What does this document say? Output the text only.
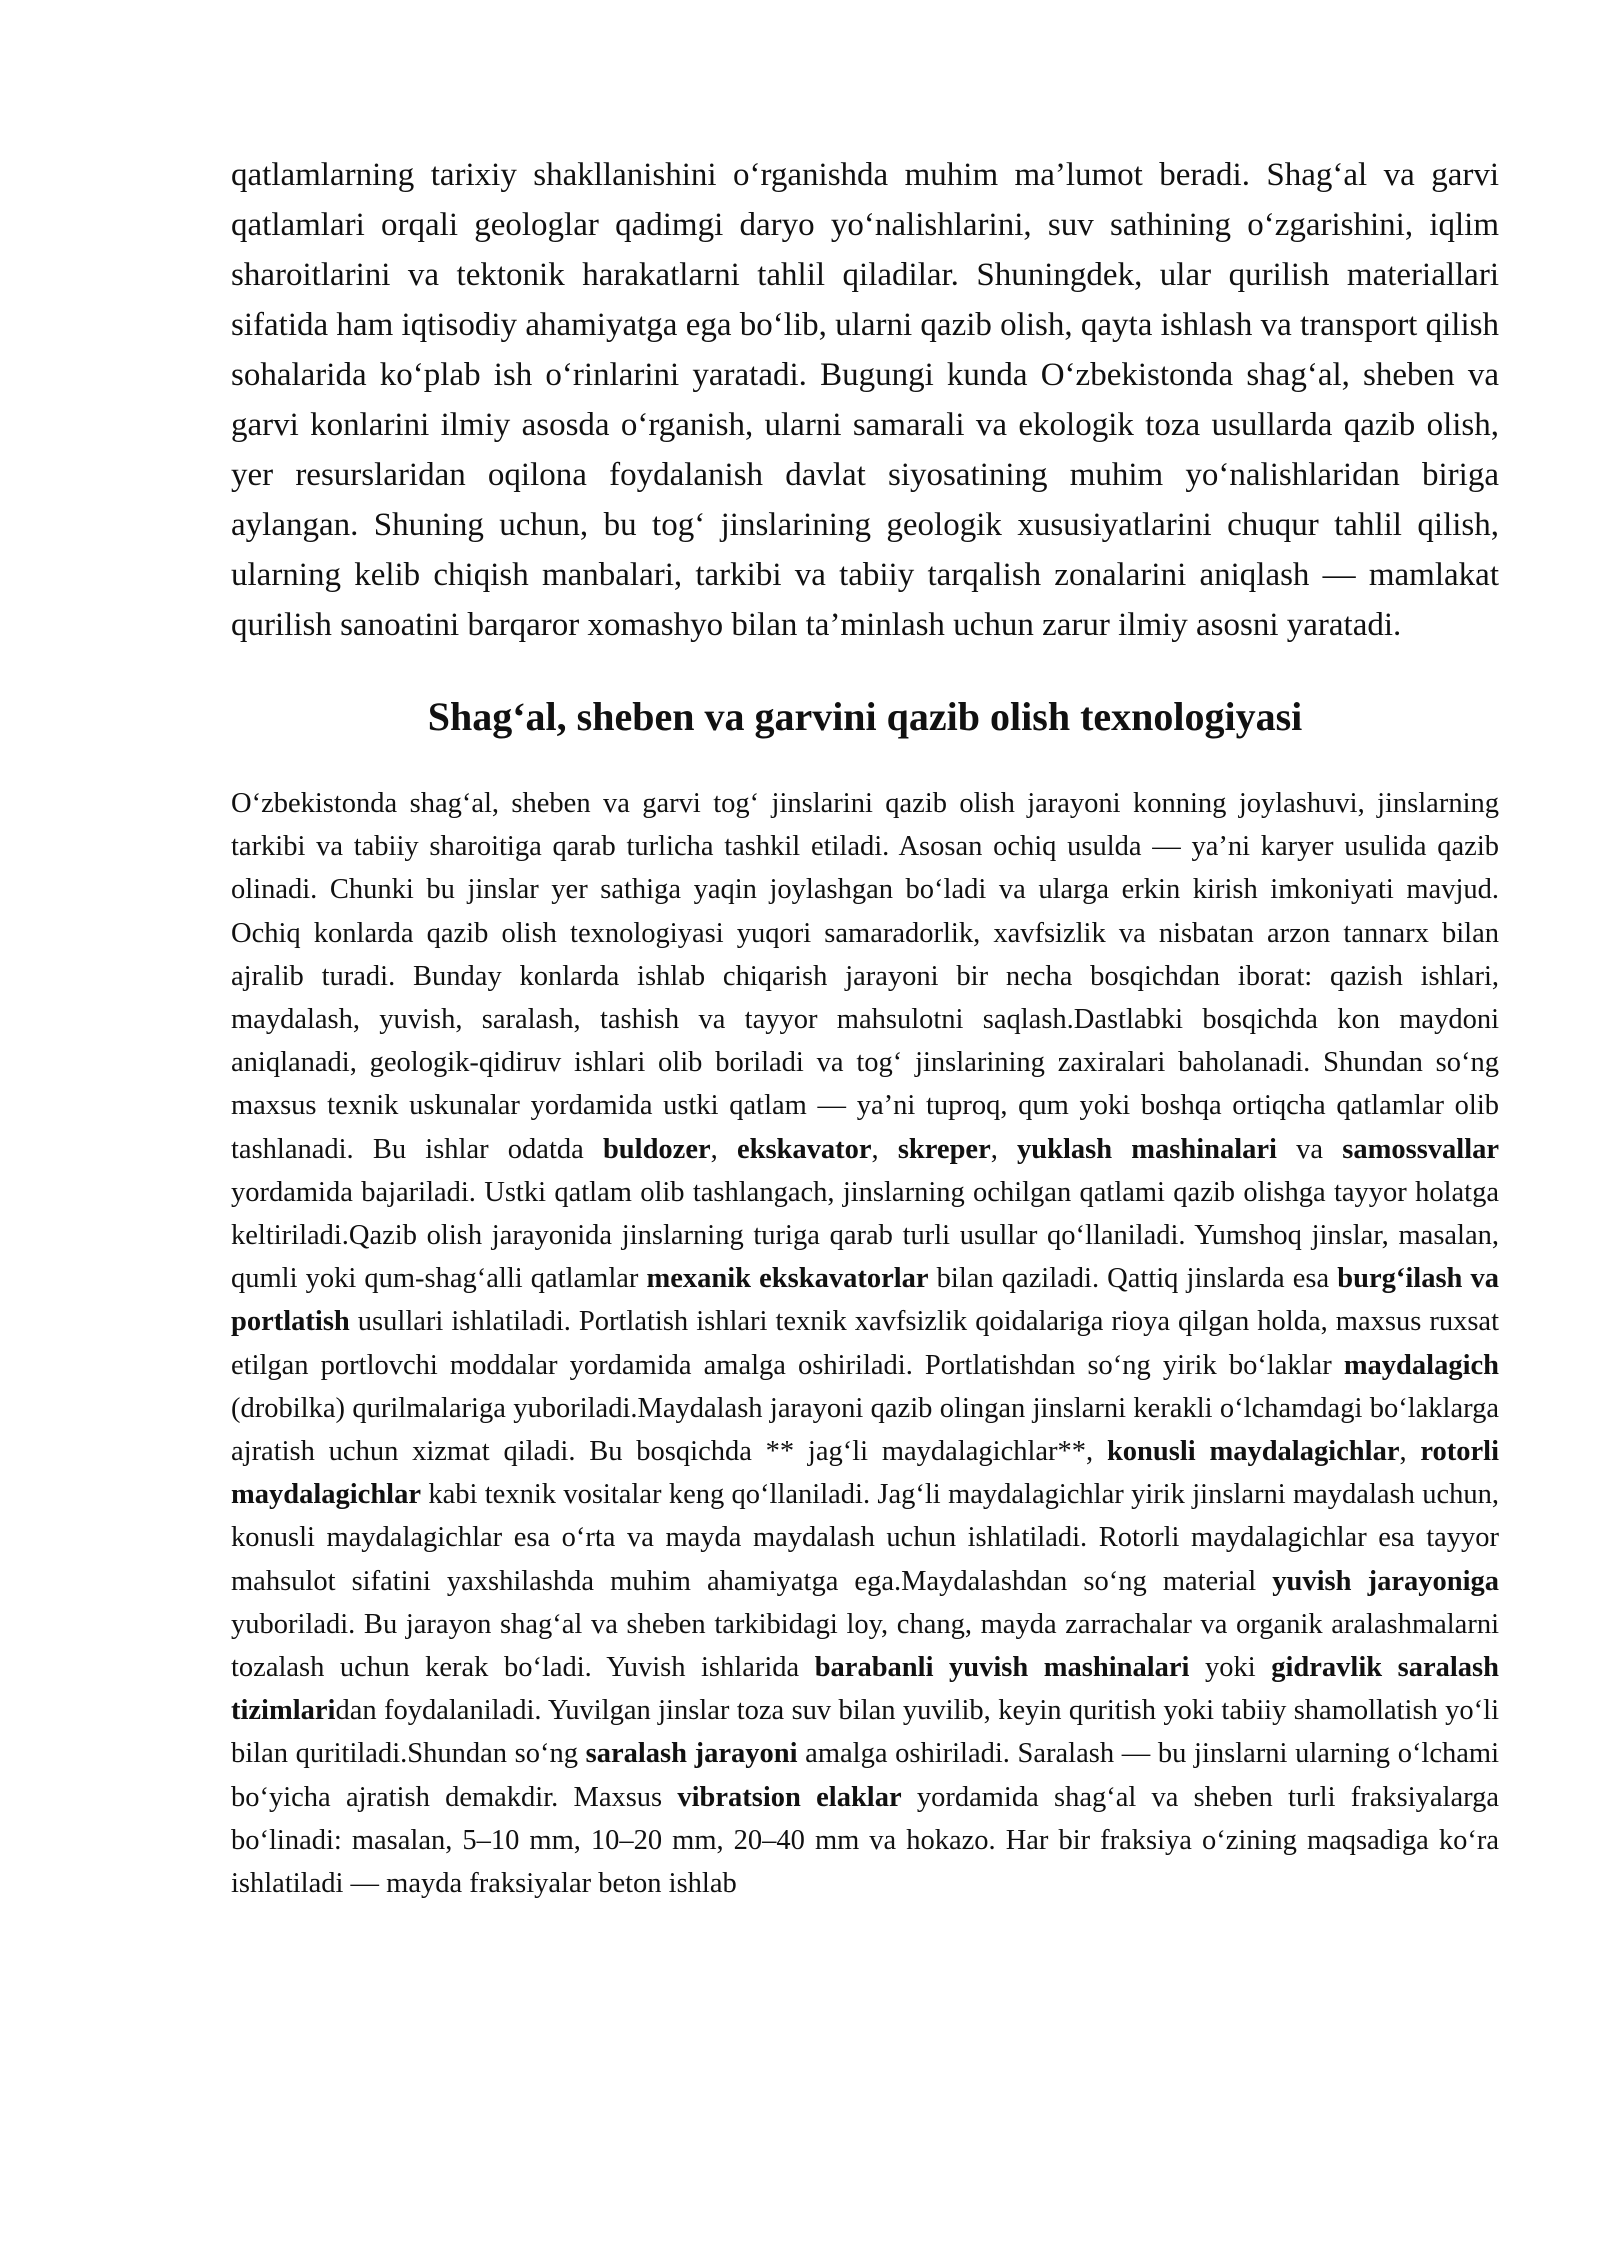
qatlamlarning tarixiy shakllanishini o‘rganishda muhim ma’lumot beradi. Shag‘al va garvi qatlamlari orqali geologlar qadimgi daryo yo‘nalishlarini, suv sathining o‘zgarishini, iqlim sharoitlarini va tektonik harakatlarni tahlil qiladilar. Shuningdek, ular qurilish materiallari sifatida ham iqtisodiy ahamiyatga ega bo‘lib, ularni qazib olish, qayta ishlash va transport qilish sohalarida ko‘plab ish o‘rinlarini yaratadi. Bugungi kunda O‘zbekistonda shag‘al, sheben va garvi konlarini ilmiy asosda o‘rganish, ularni samarali va ekologik toza usullarda qazib olish, yer resurslaridan oqilona foydalanish davlat siyosatining muhim yo‘nalishlaridan biriga aylangan. Shuning uchun, bu tog‘ jinslarining geologik xususiyatlarini chuqur tahlil qilish, ularning kelib chiqish manbalari, tarkibi va tabiiy tarqalish zonalarini aniqlash — mamlakat qurilish sanoatini barqaror xomashyo bilan ta’minlash uchun zarur ilmiy asosni yaratadi.

Shag‘al, sheben va garvini qazib olish texnologiyasi

O‘zbekistonda shag‘al, sheben va garvi tog‘ jinslarini qazib olish jarayoni konning joylashuvi, jinslarning tarkibi va tabiiy sharoitiga qarab turlicha tashkil etiladi. Asosan ochiq usulda — ya’ni karyer usulida qazib olinadi. Chunki bu jinslar yer sathiga yaqin joylashgan bo‘ladi va ularga erkin kirish imkoniyati mavjud. Ochiq konlarda qazib olish texnologiyasi yuqori samaradorlik, xavfsizlik va nisbatan arzon tannarx bilan ajralib turadi. Bunday konlarda ishlab chiqarish jarayoni bir necha bosqichdan iborat: qazish ishlari, maydalash, yuvish, saralash, tashish va tayyor mahsulotni saqlash.Dastlabki bosqichda kon maydoni aniqlanadi, geologik-qidiruv ishlari olib boriladi va tog‘ jinslarining zaxiralari baholanadi. Shundan so‘ng maxsus texnik uskunalar yordamida ustki qatlam — ya’ni tuproq, qum yoki boshqa ortiqcha qatlamlar olib tashlanadi. Bu ishlar odatda buldozer, ekskavator, skreper, yuklash mashinalari va samossvallar yordamida bajariladi. Ustki qatlam olib tashlangach, jinslarning ochilgan qatlami qazib olishga tayyor holatga keltiriladi.Qazib olish jarayonida jinslarning turiga qarab turli usullar qo‘llaniladi. Yumshoq jinslar, masalan, qumli yoki qum-shag‘alli qatlamlar mexanik ekskavatorlar bilan qaziladi. Qattiq jinslarda esa burg‘ilash va portlatish usullari ishlatiladi. Portlatish ishlari texnik xavfsizlik qoidalariga rioya qilgan holda, maxsus ruxsat etilgan portlovchi moddalar yordamida amalga oshiriladi. Portlatishdan so‘ng yirik bo‘laklar maydalagich (drobilka) qurilmalariga yuboriladi.Maydalash jarayoni qazib olingan jinslarni kerakli o‘lchamdagi bo‘laklarga ajratish uchun xizmat qiladi. Bu bosqichda ** jag‘li maydalagichlar**, konusli maydalagichlar, rotorli maydalagichlar kabi texnik vositalar keng qo‘llaniladi. Jag‘li maydalagichlar yirik jinslarni maydalash uchun, konusli maydalagichlar esa o‘rta va mayda maydalash uchun ishlatiladi. Rotorli maydalagichlar esa tayyor mahsulot sifatini yaxshilashda muhim ahamiyatga ega.Maydalashdan so‘ng material yuvish jarayoniga yuboriladi. Bu jarayon shag‘al va sheben tarkibidagi loy, chang, mayda zarrachalar va organik aralashmalarni tozalash uchun kerak bo‘ladi. Yuvish ishlarida barabanli yuvish mashinalari yoki gidravlik saralash tizimlaridan foydalaniladi. Yuvilgan jinslar toza suv bilan yuvilib, keyin quritish yoki tabiiy shamollatish yo‘li bilan quritiladi.Shundan so‘ng saralash jarayoni amalga oshiriladi. Saralash — bu jinslarni ularning o‘lchami bo‘yicha ajratish demakdir. Maxsus vibratsion elaklar yordamida shag‘al va sheben turli fraksiyalarga bo‘linadi: masalan, 5–10 mm, 10–20 mm, 20–40 mm va hokazo. Har bir fraksiya o‘zining maqsadiga ko‘ra ishlatiladi — mayda fraksiyalar beton ishlab
